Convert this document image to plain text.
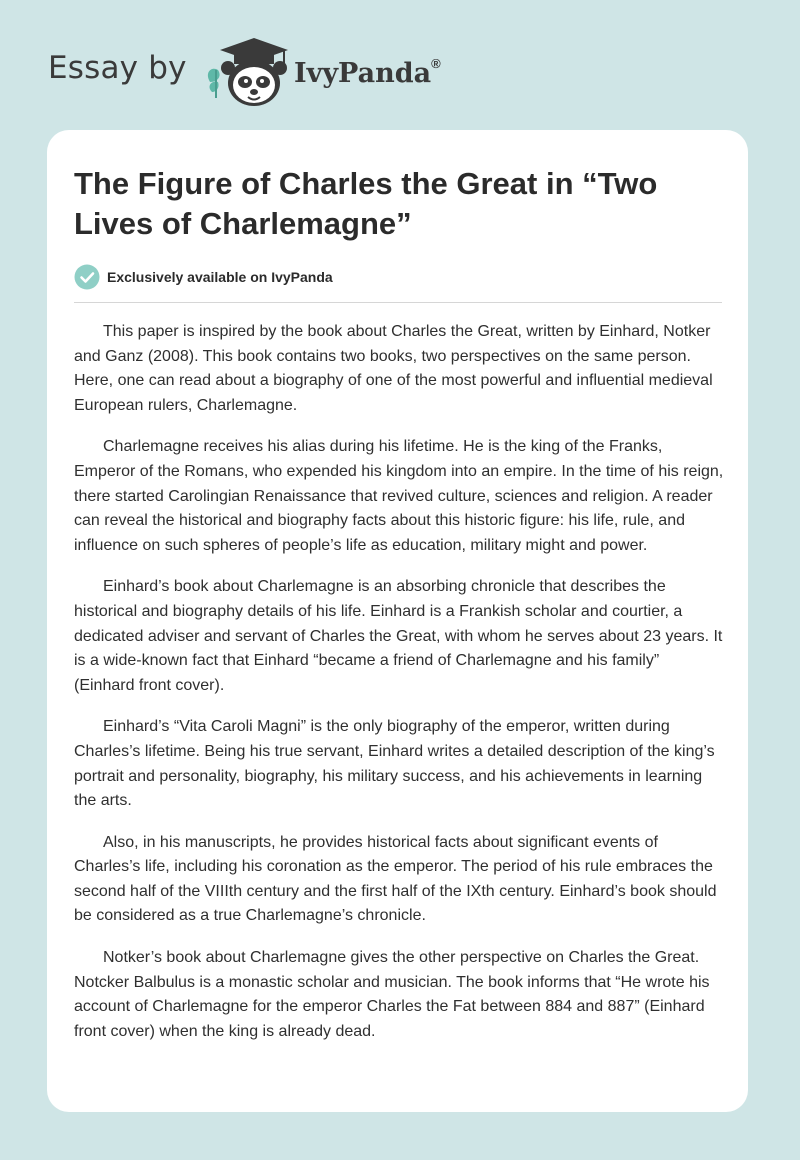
Essay by	IvyPanda®
The Figure of Charles the Great in “Two Lives of Charlemagne”
Exclusively available on IvyPanda

This paper is inspired by the book about Charles the Great, written by Einhard, Notker and Ganz (2008). This book contains two books, two perspectives on the same person. Here, one can read about a biography of one of the most powerful and influential medieval European rulers, Charlemagne.

Charlemagne receives his alias during his lifetime. He is the king of the Franks, Emperor of the Romans, who expended his kingdom into an empire. In the time of his reign, there started Carolingian Renaissance that revived culture, sciences and religion. A reader can reveal the historical and biography facts about this historic figure: his life, rule, and influence on such spheres of people’s life as education, military might and power.

Einhard’s book about Charlemagne is an absorbing chronicle that describes the historical and biography details of his life. Einhard is a Frankish scholar and courtier, a dedicated adviser and servant of Charles the Great, with whom he serves about 23 years. It is a wide-known fact that Einhard “became a friend of Charlemagne and his family” (Einhard front cover).

Einhard’s “Vita Caroli Magni” is the only biography of the emperor, written during Charles’s lifetime. Being his true servant, Einhard writes a detailed description of the king’s portrait and personality, biography, his military success, and his achievements in learning the arts.

Also, in his manuscripts, he provides historical facts about significant events of Charles’s life, including his coronation as the emperor. The period of his rule embraces the second half of the VIIIth century and the first half of the IXth century. Einhard’s book should be considered as a true Charlemagne’s chronicle.

Notker’s book about Charlemagne gives the other perspective on Charles the Great. Notcker Balbulus is a monastic scholar and musician. The book informs that “He wrote his account of Charlemagne for the emperor Charles the Fat between 884 and 887” (Einhard front cover) when the king is already dead.
